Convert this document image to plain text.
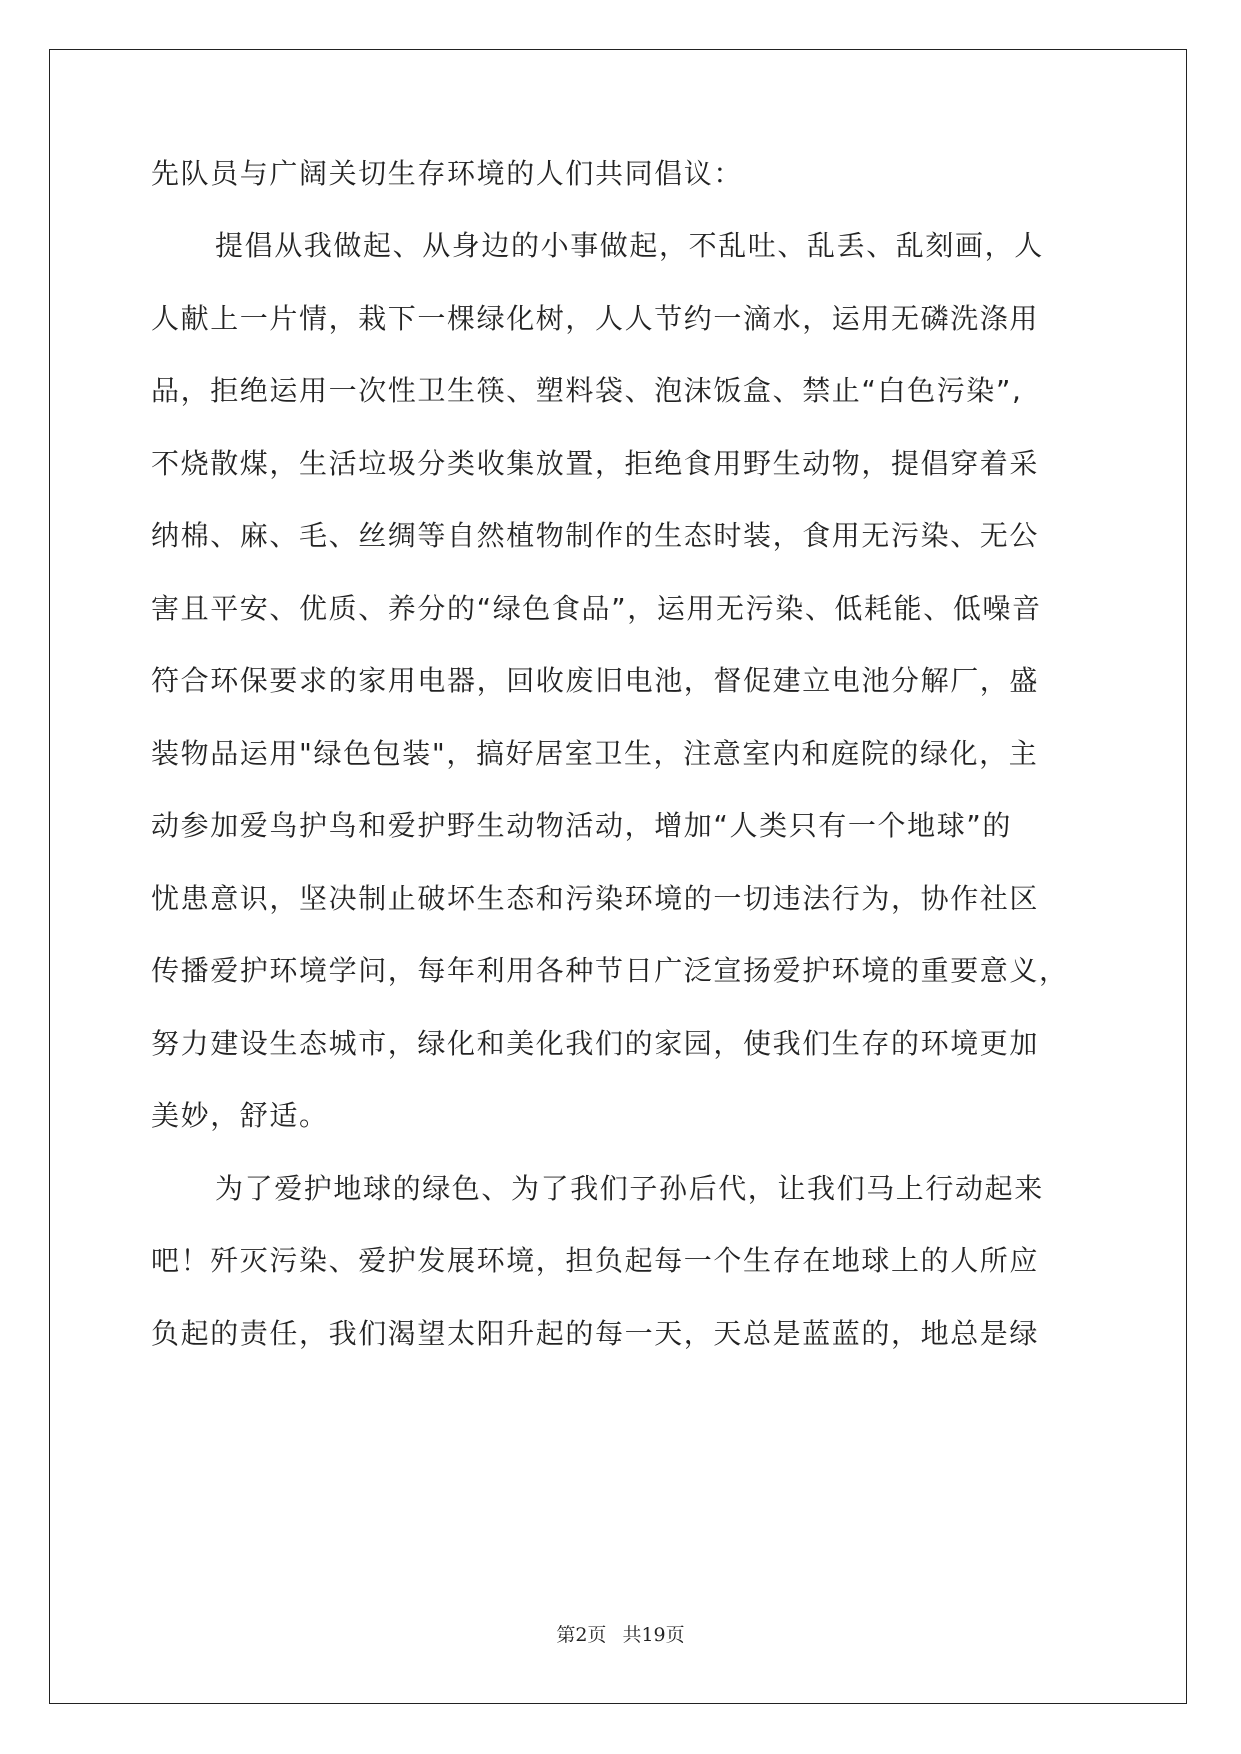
先队员与广阔关切生存环境的人们共同倡议：
提倡从我做起、从身边的小事做起，不乱吐、乱丢、乱刻画，人
人献上一片情，栽下一棵绿化树，人人节约一滴水，运用无磷洗涤用
品，拒绝运用一次性卫生筷、塑料袋、泡沫饭盒、禁止“白色污染”,
不烧散煤，生活垃圾分类收集放置，拒绝食用野生动物，提倡穿着采
纳棉、麻、毛、丝绸等自然植物制作的生态时装，食用无污染、无公
害且平安、优质、养分的“绿色食品”，运用无污染、低耗能、低噪音
符合环保要求的家用电器，回收废旧电池，督促建立电池分解厂，盛
装物品运用"绿色包装"，搞好居室卫生，注意室内和庭院的绿化，主
动参加爱鸟护鸟和爱护野生动物活动，增加“人类只有一个地球”的
忧患意识，坚决制止破坏生态和污染环境的一切违法行为，协作社区
传播爱护环境学问，每年利用各种节日广泛宣扬爱护环境的重要意义，
努力建设生态城市，绿化和美化我们的家园，使我们生存的环境更加
美妙，舒适。
为了爱护地球的绿色、为了我们子孙后代，让我们马上行动起来
吧！歼灭污染、爱护发展环境，担负起每一个生存在地球上的人所应
负起的责任，我们渴望太阳升起的每一天，天总是蓝蓝的，地总是绿
第2页 共19页
